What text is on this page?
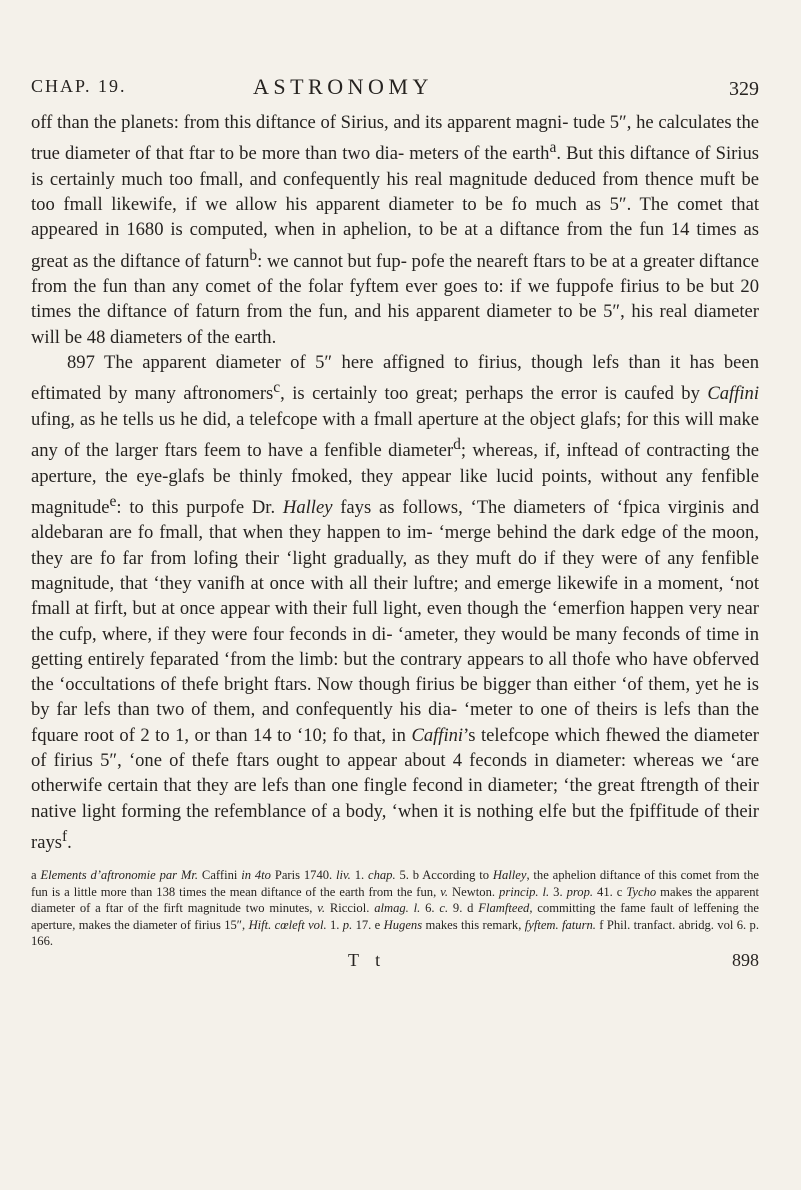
CHAP. 19.	ASTRONOMY	329

off than the planets: from this diftance of Sirius, and its apparent magni- tude 5″, he calculates the true diameter of that ftar to be more than two dia- meters of the earth$^a$. But this diftance of Sirius is certainly much too fmall, and confequently his real magnitude deduced from thence muft be too fmall likewife, if we allow his apparent diameter to be fo much as 5″. The comet that appeared in 1680 is computed, when in aphelion, to be at a diftance from the fun 14 times as great as the diftance of faturn$^b$: we cannot but fup- pofe the neareft ftars to be at a greater diftance from the fun than any comet of the folar fyftem ever goes to: if we fuppofe firius to be but 20 times the diftance of faturn from the fun, and his apparent diameter to be 5″, his real diameter will be 48 diameters of the earth.

897 The apparent diameter of 5″ here affigned to firius, though lefs than it has been eftimated by many aftronomers$^c$, is certainly too great; perhaps the error is caufed by Caffini ufing, as he tells us he did, a telefcope with a fmall aperture at the object glafs; for this will make any of the larger ftars feem to have a fenfible diameter$^d$; whereas, if, inftead of contracting the aperture, the eye-glafs be thinly fmoked, they appear like lucid points, without any fenfible magnitude$^e$: to this purpofe Dr. Halley fays as follows, ‘The diameters of ‘fpica virginis and aldebaran are fo fmall, that when they happen to im- ‘merge behind the dark edge of the moon, they are fo far from lofing their ‘light gradually, as they muft do if they were of any fenfible magnitude, that ‘they vanifh at once with all their luftre; and emerge likewife in a moment, ‘not fmall at firft, but at once appear with their full light, even though the ‘emerfion happen very near the cufp, where, if they were four feconds in di- ‘ameter, they would be many feconds of time in getting entirely feparated ‘from the limb: but the contrary appears to all thofe who have obferved the ‘occultations of thefe bright ftars. Now though firius be bigger than either ‘of them, yet he is by far lefs than two of them, and confequently his dia- ‘meter to one of theirs is lefs than the fquare root of 2 to 1, or than 14 to ‘10; fo that, in Caffini’s telefcope which fhewed the diameter of firius 5″, ‘one of thefe ftars ought to appear about 4 feconds in diameter: whereas we ‘are otherwife certain that they are lefs than one fingle fecond in diameter; ‘the great ftrength of their native light forming the refemblance of a body, ‘when it is nothing elfe but the fpiffitude of their rays$^f$.

a Elements d’aftronomie par Mr. Caffini in 4to Paris 1740. liv. 1. chap. 5. b According to Halley, the aphelion diftance of this comet from the fun is a little more than 138 times the mean diftance of the earth from the fun, v. Newton. princip. l. 3. prop. 41. c Tycho makes the apparent diameter of a ftar of the firft magnitude two minutes, v. Ricciol. almag. l. 6. c. 9. d Flamfteed, committing the fame fault of leffening the aperture, makes the diameter of firius 15″, Hift. cœleft vol. 1. p. 17. e Hugens makes this remark, fyftem. faturn. f Phil. tranfact. abridg. vol 6. p. 166.

T t	898
